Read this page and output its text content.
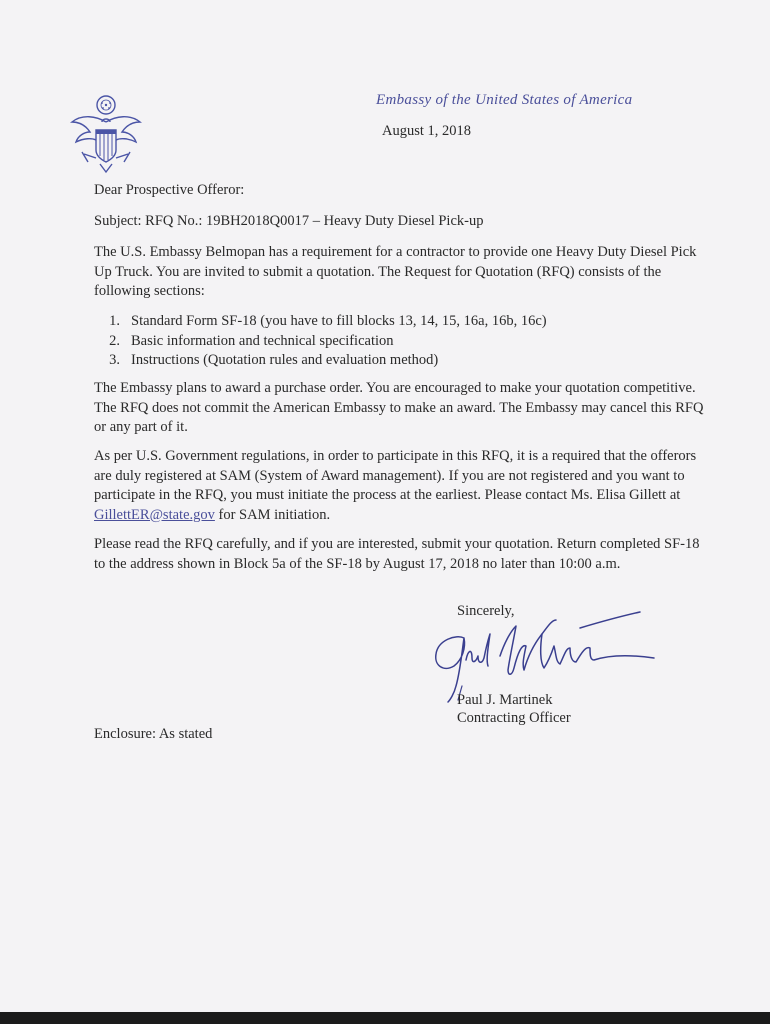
Embassy of the United States of America
August 1, 2018
Dear Prospective Offeror:
Subject: RFQ No.: 19BH2018Q0017 – Heavy Duty Diesel Pick-up
The U.S. Embassy Belmopan has a requirement for a contractor to provide one Heavy Duty Diesel Pick Up Truck. You are invited to submit a quotation. The Request for Quotation (RFQ) consists of the following sections:
1. Standard Form SF-18 (you have to fill blocks 13, 14, 15, 16a, 16b, 16c)
2. Basic information and technical specification
3. Instructions (Quotation rules and evaluation method)
The Embassy plans to award a purchase order. You are encouraged to make your quotation competitive. The RFQ does not commit the American Embassy to make an award. The Embassy may cancel this RFQ or any part of it.
As per U.S. Government regulations, in order to participate in this RFQ, it is a required that the offerors are duly registered at SAM (System of Award management). If you are not registered and you want to participate in the RFQ, you must initiate the process at the earliest. Please contact Ms. Elisa Gillett at GillettER@state.gov for SAM initiation.
Please read the RFQ carefully, and if you are interested, submit your quotation. Return completed SF-18 to the address shown in Block 5a of the SF-18 by August 17, 2018 no later than 10:00 a.m.
Sincerely,
Paul J. Martinek
Contracting Officer
Enclosure: As stated
